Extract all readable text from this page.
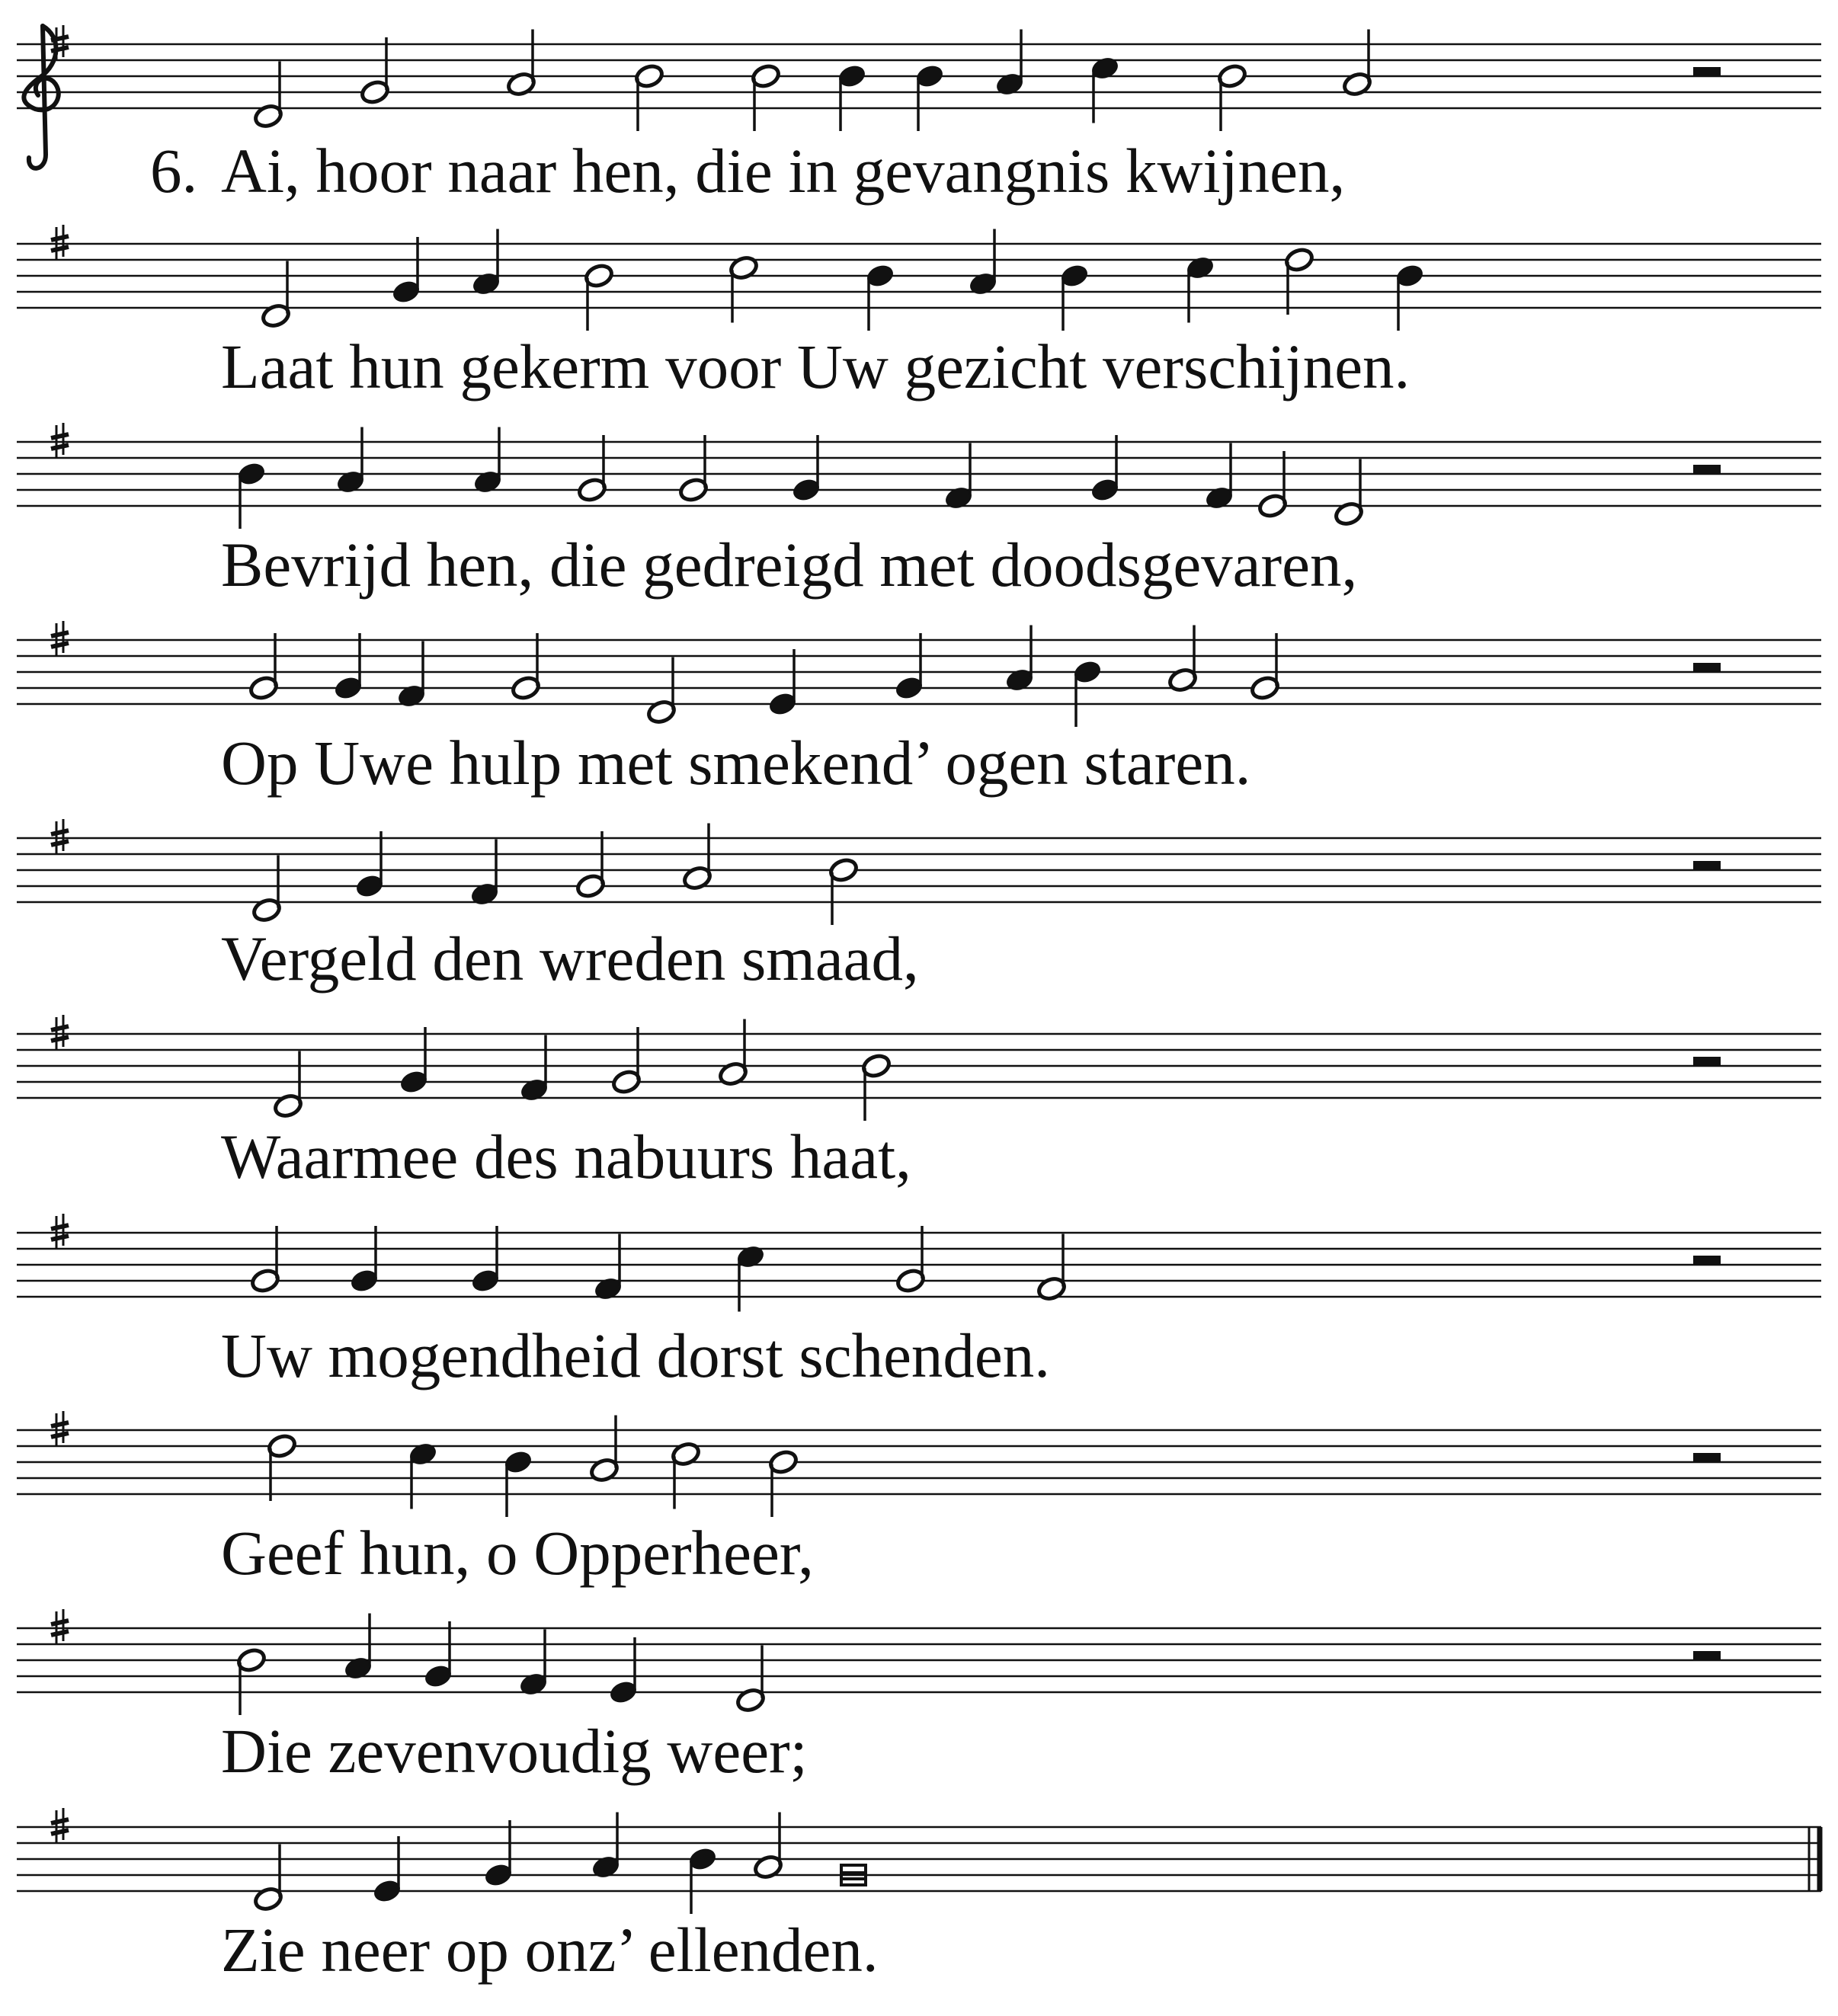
6. Ai, hoor naar hen, die in gevangnis kwijnen,
Laat hun gekerm voor Uw gezicht verschijnen.
Bevrijd hen, die gedreigd met doodsgevaren,
Op Uwe hulp met smekend’ ogen staren.
Vergeld den wreden smaad,
Waarmee des nabuurs haat,
Uw mogendheid dorst schenden.
Geef hun, o Opperheer,
Die zevenvoudig weer;
Zie neer op onz’ ellenden.
